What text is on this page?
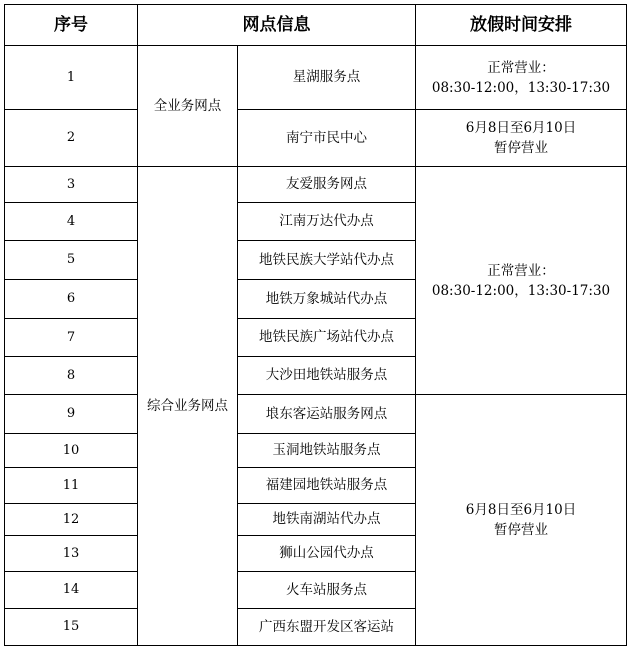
序号	网点信息		放假时间安排
1	全业务网点	星湖服务点	正常营业：
08:30-12:00，13:30-17:30

2		南宁市民中心	6月8日至6月10日
暂停营业

3	综合业务网点	友爱服务网点	正常营业：
08:30-12:00，13:30-17:30

4		江南万达代办点	
5		地铁民族大学站代办点	
6		地铁万象城站代办点	
7		地铁民族广场站代办点	
8		大沙田地铁站服务点	
9		埌东客运站服务网点	6月8日至6月10日
暂停营业

10		玉洞地铁站服务点	
11		福建园地铁站服务点	
12		地铁南湖站代办点	
13		狮山公园代办点	
14		火车站服务点	
15		广西东盟开发区客运站	
